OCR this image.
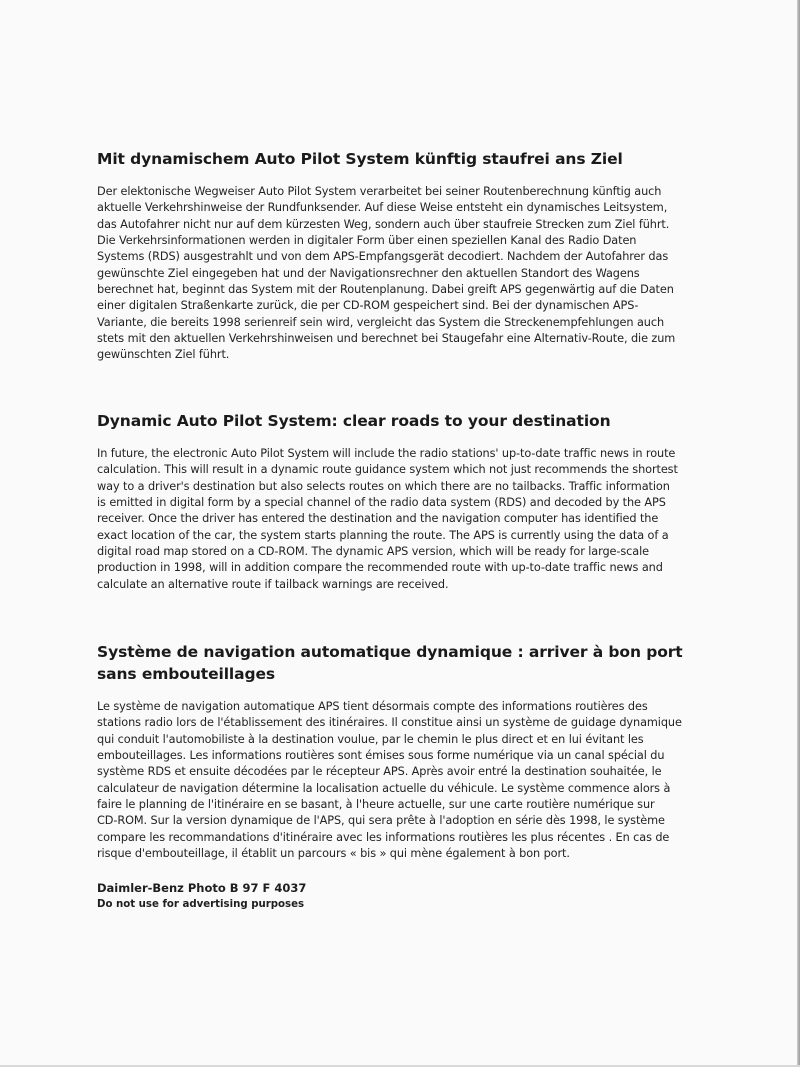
Mit dynamischem Auto Pilot System künftig staufrei ans Ziel
Der elektonische Wegweiser Auto Pilot System verarbeitet bei seiner Routenberechnung künftig auch
aktuelle Verkehrshinweise der Rundfunksender. Auf diese Weise entsteht ein dynamisches Leitsystem,
das Autofahrer nicht nur auf dem kürzesten Weg, sondern auch über staufreie Strecken zum Ziel führt.
Die Verkehrsinformationen werden in digitaler Form über einen speziellen Kanal des Radio Daten
Systems (RDS) ausgestrahlt und von dem APS-Empfangsgerät decodiert. Nachdem der Autofahrer das
gewünschte Ziel eingegeben hat und der Navigationsrechner den aktuellen Standort des Wagens
berechnet hat, beginnt das System mit der Routenplanung. Dabei greift APS gegenwärtig auf die Daten
einer digitalen Straßenkarte zurück, die per CD-ROM gespeichert sind. Bei der dynamischen APS-
Variante, die bereits 1998 serienreif sein wird, vergleicht das System die Streckenempfehlungen auch
stets mit den aktuellen Verkehrshinweisen und berechnet bei Staugefahr eine Alternativ-Route, die zum
gewünschten Ziel führt.
Dynamic Auto Pilot System: clear roads to your destination
In future, the electronic Auto Pilot System will include the radio stations' up-to-date traffic news in route
calculation. This will result in a dynamic route guidance system which not just recommends the shortest
way to a driver's destination but also selects routes on which there are no tailbacks. Traffic information
is emitted in digital form by a special channel of the radio data system (RDS) and decoded by the APS
receiver. Once the driver has entered the destination and the navigation computer has identified the
exact location of the car, the system starts planning the route. The APS is currently using the data of a
digital road map stored on a CD-ROM. The dynamic APS version, which will be ready for large-scale
production in 1998, will in addition compare the recommended route with up-to-date traffic news and
calculate an alternative route if tailback warnings are received.
Système de navigation automatique dynamique : arriver à bon port sans embouteillages
Le système de navigation automatique APS tient désormais compte des informations routières des
stations radio lors de l'établissement des itinéraires. Il constitue ainsi un système de guidage dynamique
qui conduit l'automobiliste à la destination voulue, par le chemin le plus direct et en lui évitant les
embouteillages. Les informations routières sont émises sous forme numérique via un canal spécial du
système RDS et ensuite décodées par le récepteur APS. Après avoir entré la destination souhaitée, le
calculateur de navigation détermine la localisation actuelle du véhicule. Le système commence alors à
faire le planning de l'itinéraire en se basant, à l'heure actuelle, sur une carte routière numérique sur
CD-ROM. Sur la version dynamique de l'APS, qui sera prête à l'adoption en série dès 1998, le système
compare les recommandations d'itinéraire avec les informations routières les plus récentes . En cas de
risque d'embouteillage, il établit un parcours « bis » qui mène également à bon port.
Daimler-Benz Photo B 97 F 4037
Do not use for advertising purposes
